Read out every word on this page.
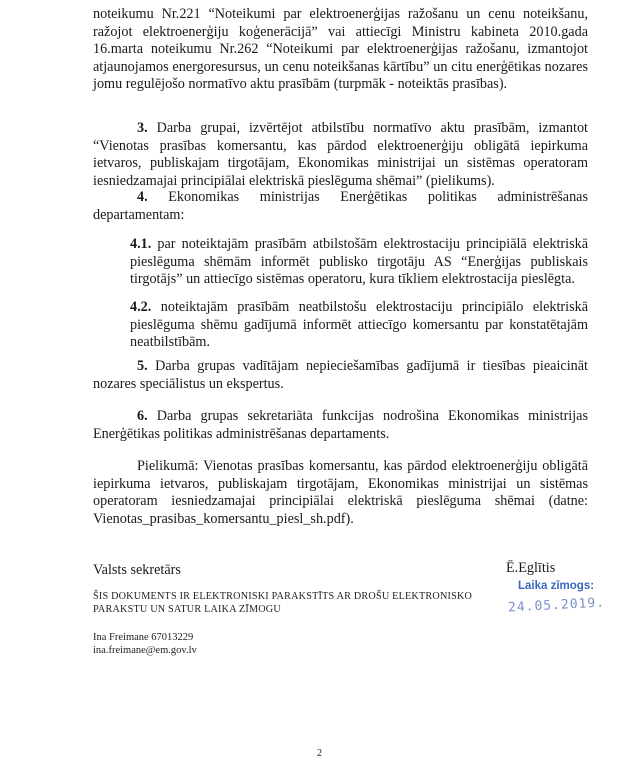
noteikumu Nr.221 “Noteikumi par elektroenerģijas ražošanu un cenu noteikšanu, ražojot elektroenerģiju koģenerācijā” vai attiecīgi Ministru kabineta 2010.gada 16.marta noteikumu Nr.262 “Noteikumi par elektroenerģijas ražošanu, izmantojot atjaunojamos energoresursus, un cenu noteikšanas kārtību” un citu enerģētikas nozares jomu regulējošo normatīvo aktu prasībām (turpmāk - noteiktās prasības).

3. Darba grupai, izvērtējot atbilstību normatīvo aktu prasībām, izmantot “Vienotas prasības komersantu, kas pārdod elektroenerģiju obligātā iepirkuma ietvaros, publiskajam tirgotājam, Ekonomikas ministrijai un sistēmas operatoram iesniedzamajai principiālai elektriskā pieslēguma shēmai” (pielikums).

4. Ekonomikas ministrijas Enerģētikas politikas administrēšanas departamentam:

4.1. par noteiktajām prasībām atbilstošām elektrostaciju principiālā elektriskā pieslēguma shēmām informēt publisko tirgotāju AS “Enerģijas publiskais tirgotājs” un attiecīgo sistēmas operatoru, kura tīkliem elektrostacija pieslēgta.

4.2. noteiktajām prasībām neatbilstošu elektrostaciju principiālo elektriskā pieslēguma shēmu gadījumā informēt attiecīgo komersantu par konstatētajām neatbilstībām.

5. Darba grupas vadītājam nepieciešamības gadījumā ir tiesības pieaicināt nozares speciālistus un ekspertus.

6. Darba grupas sekretariāta funkcijas nodrošina Ekonomikas ministrijas Enerģētikas politikas administrēšanas departaments.

Pielikumā: Vienotas prasības komersantu, kas pārdod elektroenerģiju obligātā iepirkuma ietvaros, publiskajam tirgotājam, Ekonomikas ministrijai un sistēmas operatoram iesniedzamajai principiālai elektriskā pieslēguma shēmai (datne: Vienotas_prasibas_komersantu_piesl_sh.pdf).

Valsts sekretārs	Ē.Eglītis
Laika zīmogs:
24.05.2019.
ŠIS DOKUMENTS IR ELEKTRONISKI PARAKSTĪTS AR DROŠU ELEKTRONISKO PARAKSTU UN SATUR LAIKA ZĪMOGU
Ina Freimane 67013229
ina.freimane@em.gov.lv
2
